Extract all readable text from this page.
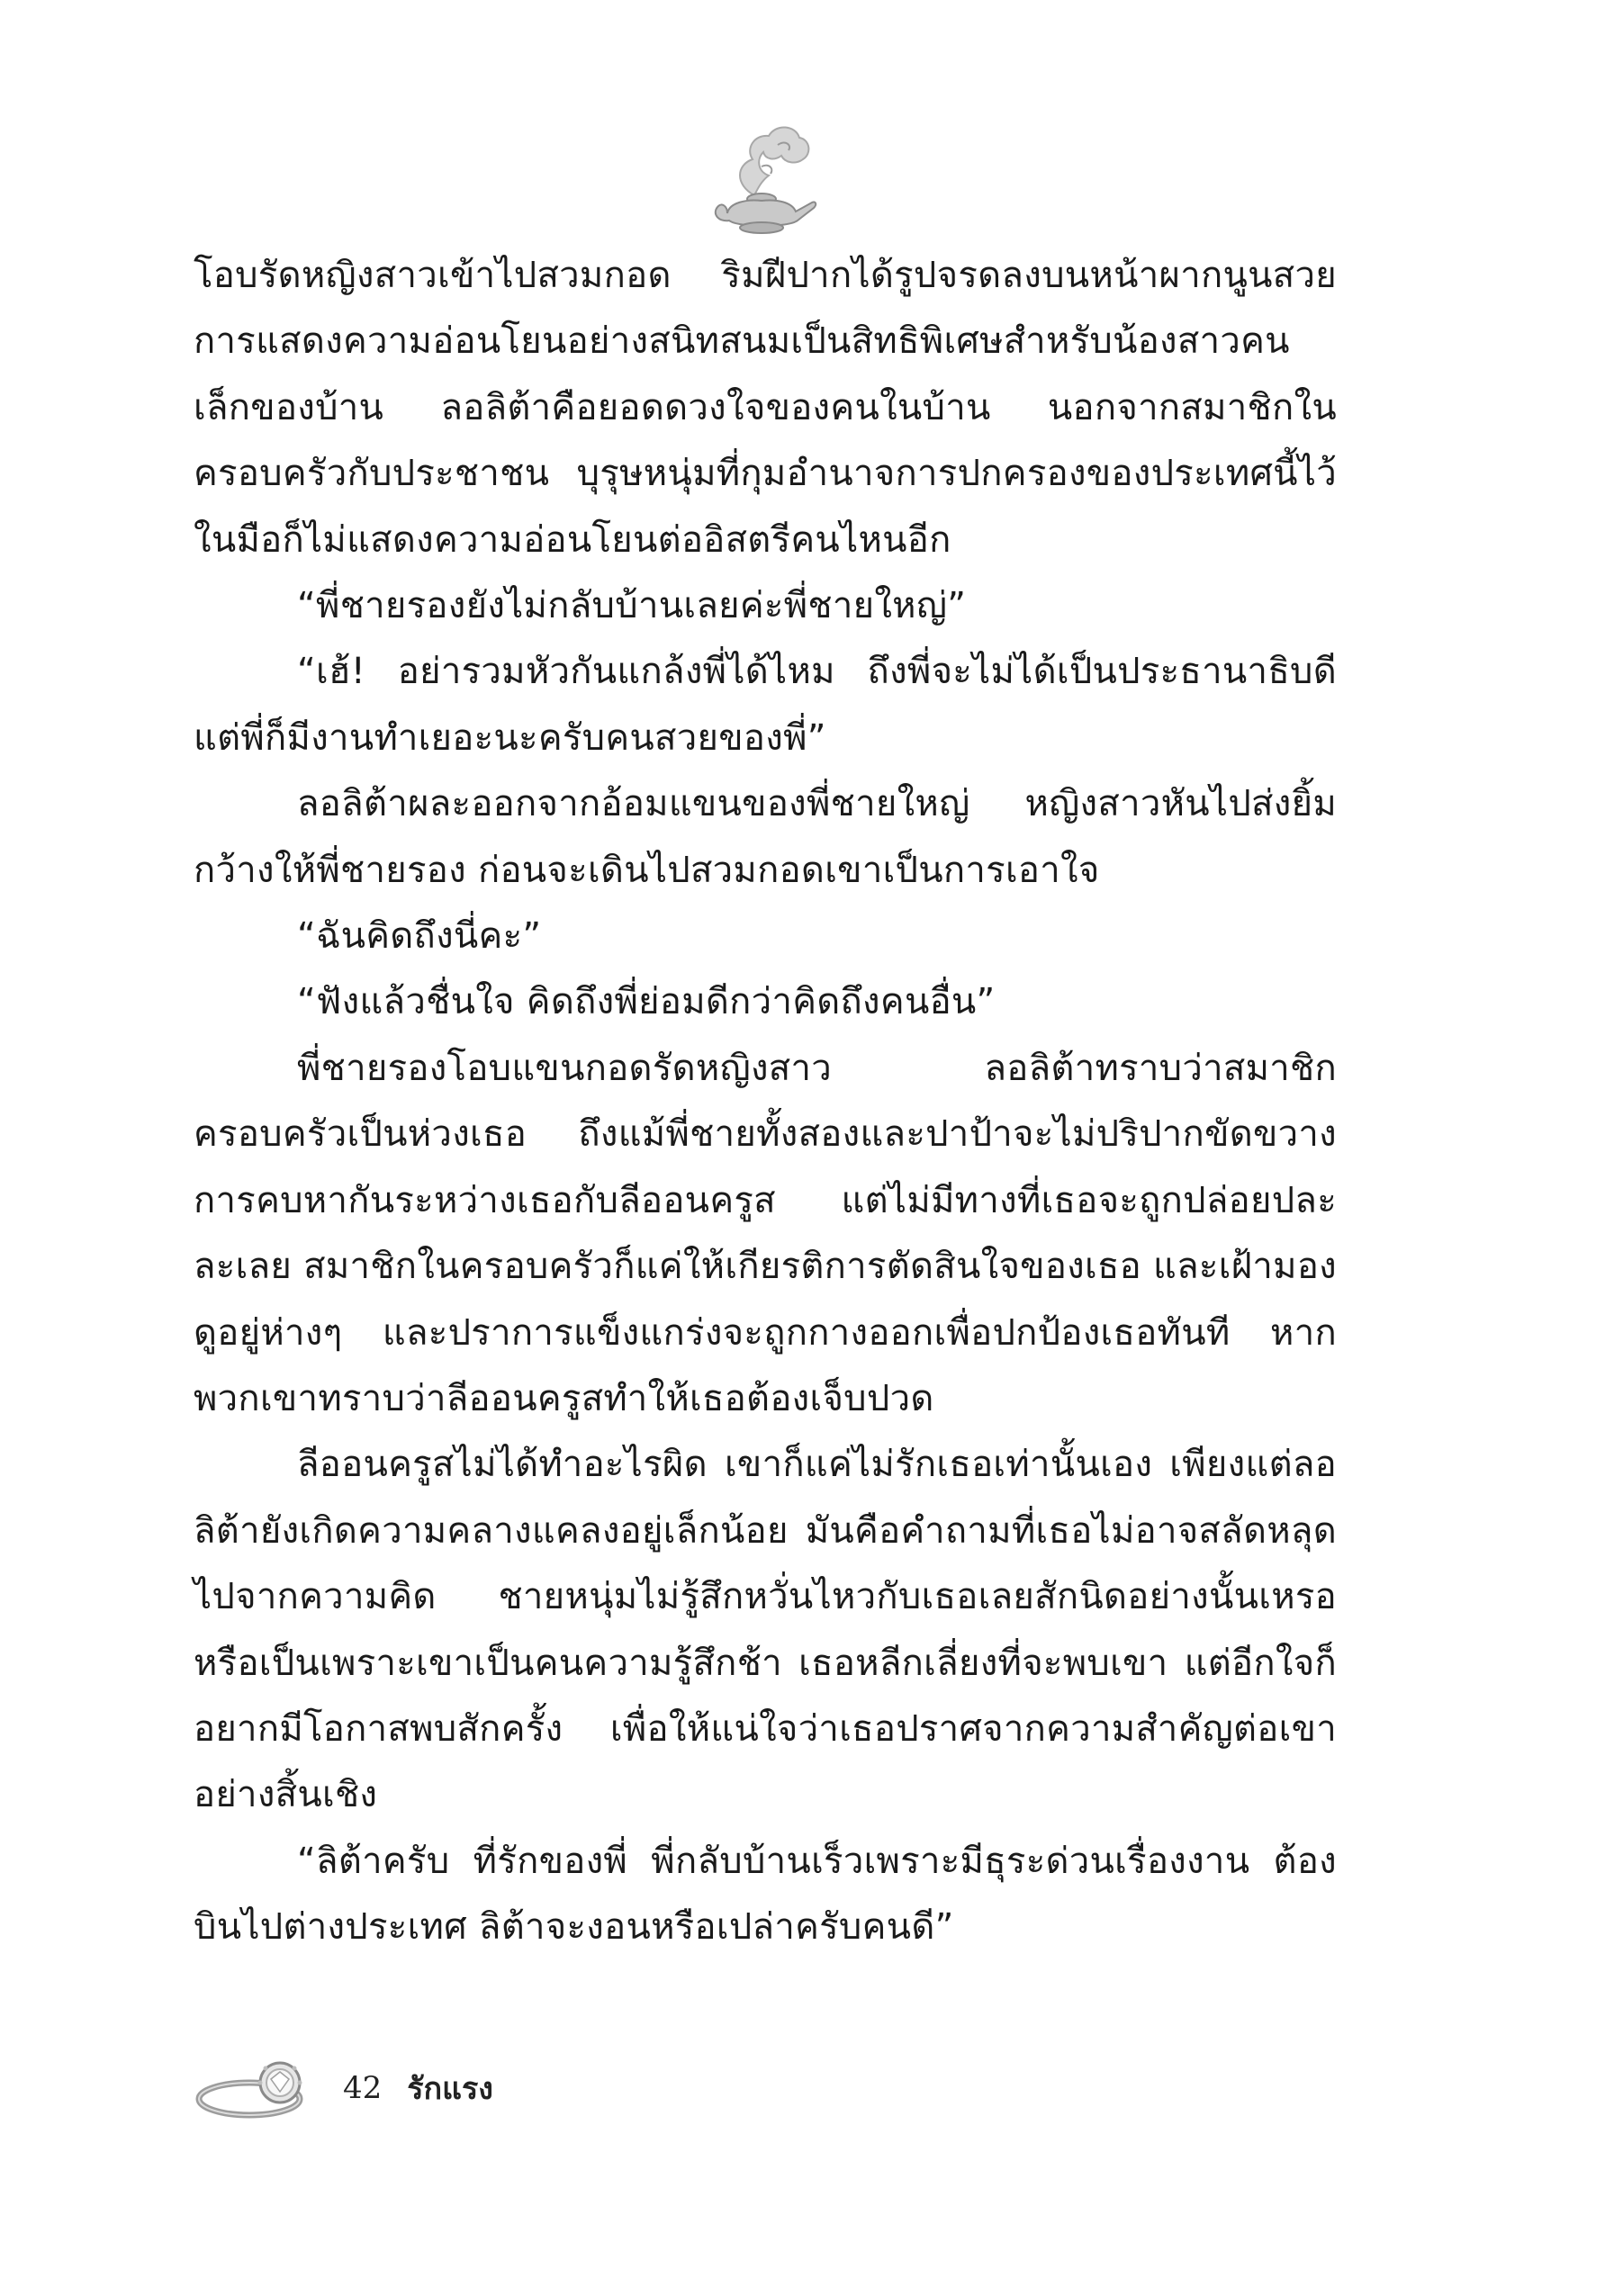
โอบรัดหญิงสาวเข้าไปสวมกอด ริมฝีปากได้รูปจรดลงบนหน้าผากนูนสวย การแสดงความอ่อนโยนอย่างสนิทสนมเป็นสิทธิพิเศษสำหรับน้องสาวคนเล็กของบ้าน ลอลิต้าคือยอดดวงใจของคนในบ้าน นอกจากสมาชิกในครอบครัวกับประชาชน บุรุษหนุ่มที่กุมอำนาจการปกครองของประเทศนี้ไว้ในมือก็ไม่แสดงความอ่อนโยนต่ออิสตรีคนไหนอีก

“พี่ชายรองยังไม่กลับบ้านเลยค่ะพี่ชายใหญ่”

“เฮ้! อย่ารวมหัวกันแกล้งพี่ได้ไหม ถึงพี่จะไม่ได้เป็นประธานาธิบดีแต่พี่ก็มีงานทำเยอะนะครับคนสวยของพี่”

ลอลิต้าผละออกจากอ้อมแขนของพี่ชายใหญ่ หญิงสาวหันไปส่งยิ้มกว้างให้พี่ชายรอง ก่อนจะเดินไปสวมกอดเขาเป็นการเอาใจ

“ฉันคิดถึงนี่คะ”

“ฟังแล้วชื่นใจ คิดถึงพี่ย่อมดีกว่าคิดถึงคนอื่น”

พี่ชายรองโอบแขนกอดรัดหญิงสาว ลอลิต้าทราบว่าสมาชิกครอบครัวเป็นห่วงเธอ ถึงแม้พี่ชายทั้งสองและปาป้าจะไม่ปริปากขัดขวางการคบหากันระหว่างเธอกับลีออนครูส แต่ไม่มีทางที่เธอจะถูกปล่อยปละละเลย สมาชิกในครอบครัวก็แค่ให้เกียรติการตัดสินใจของเธอ และเฝ้ามองดูอยู่ห่างๆ และปราการแข็งแกร่งจะถูกกางออกเพื่อปกป้องเธอทันที หากพวกเขาทราบว่าลีออนครูสทำให้เธอต้องเจ็บปวด

ลีออนครูสไม่ได้ทำอะไรผิด เขาก็แค่ไม่รักเธอเท่านั้นเอง เพียงแต่ลอลิต้ายังเกิดความคลางแคลงอยู่เล็กน้อย มันคือคำถามที่เธอไม่อาจสลัดหลุดไปจากความคิด ชายหนุ่มไม่รู้สึกหวั่นไหวกับเธอเลยสักนิดอย่างนั้นเหรอ หรือเป็นเพราะเขาเป็นคนความรู้สึกช้า เธอหลีกเลี่ยงที่จะพบเขา แต่อีกใจก็อยากมีโอกาสพบสักครั้ง เพื่อให้แน่ใจว่าเธอปราศจากความสำคัญต่อเขาอย่างสิ้นเชิง

“ลิต้าครับ ที่รักของพี่ พี่กลับบ้านเร็วเพราะมีธุระด่วนเรื่องงาน ต้องบินไปต่างประเทศ ลิต้าจะงอนหรือเปล่าครับคนดี”

42 รักแรง
